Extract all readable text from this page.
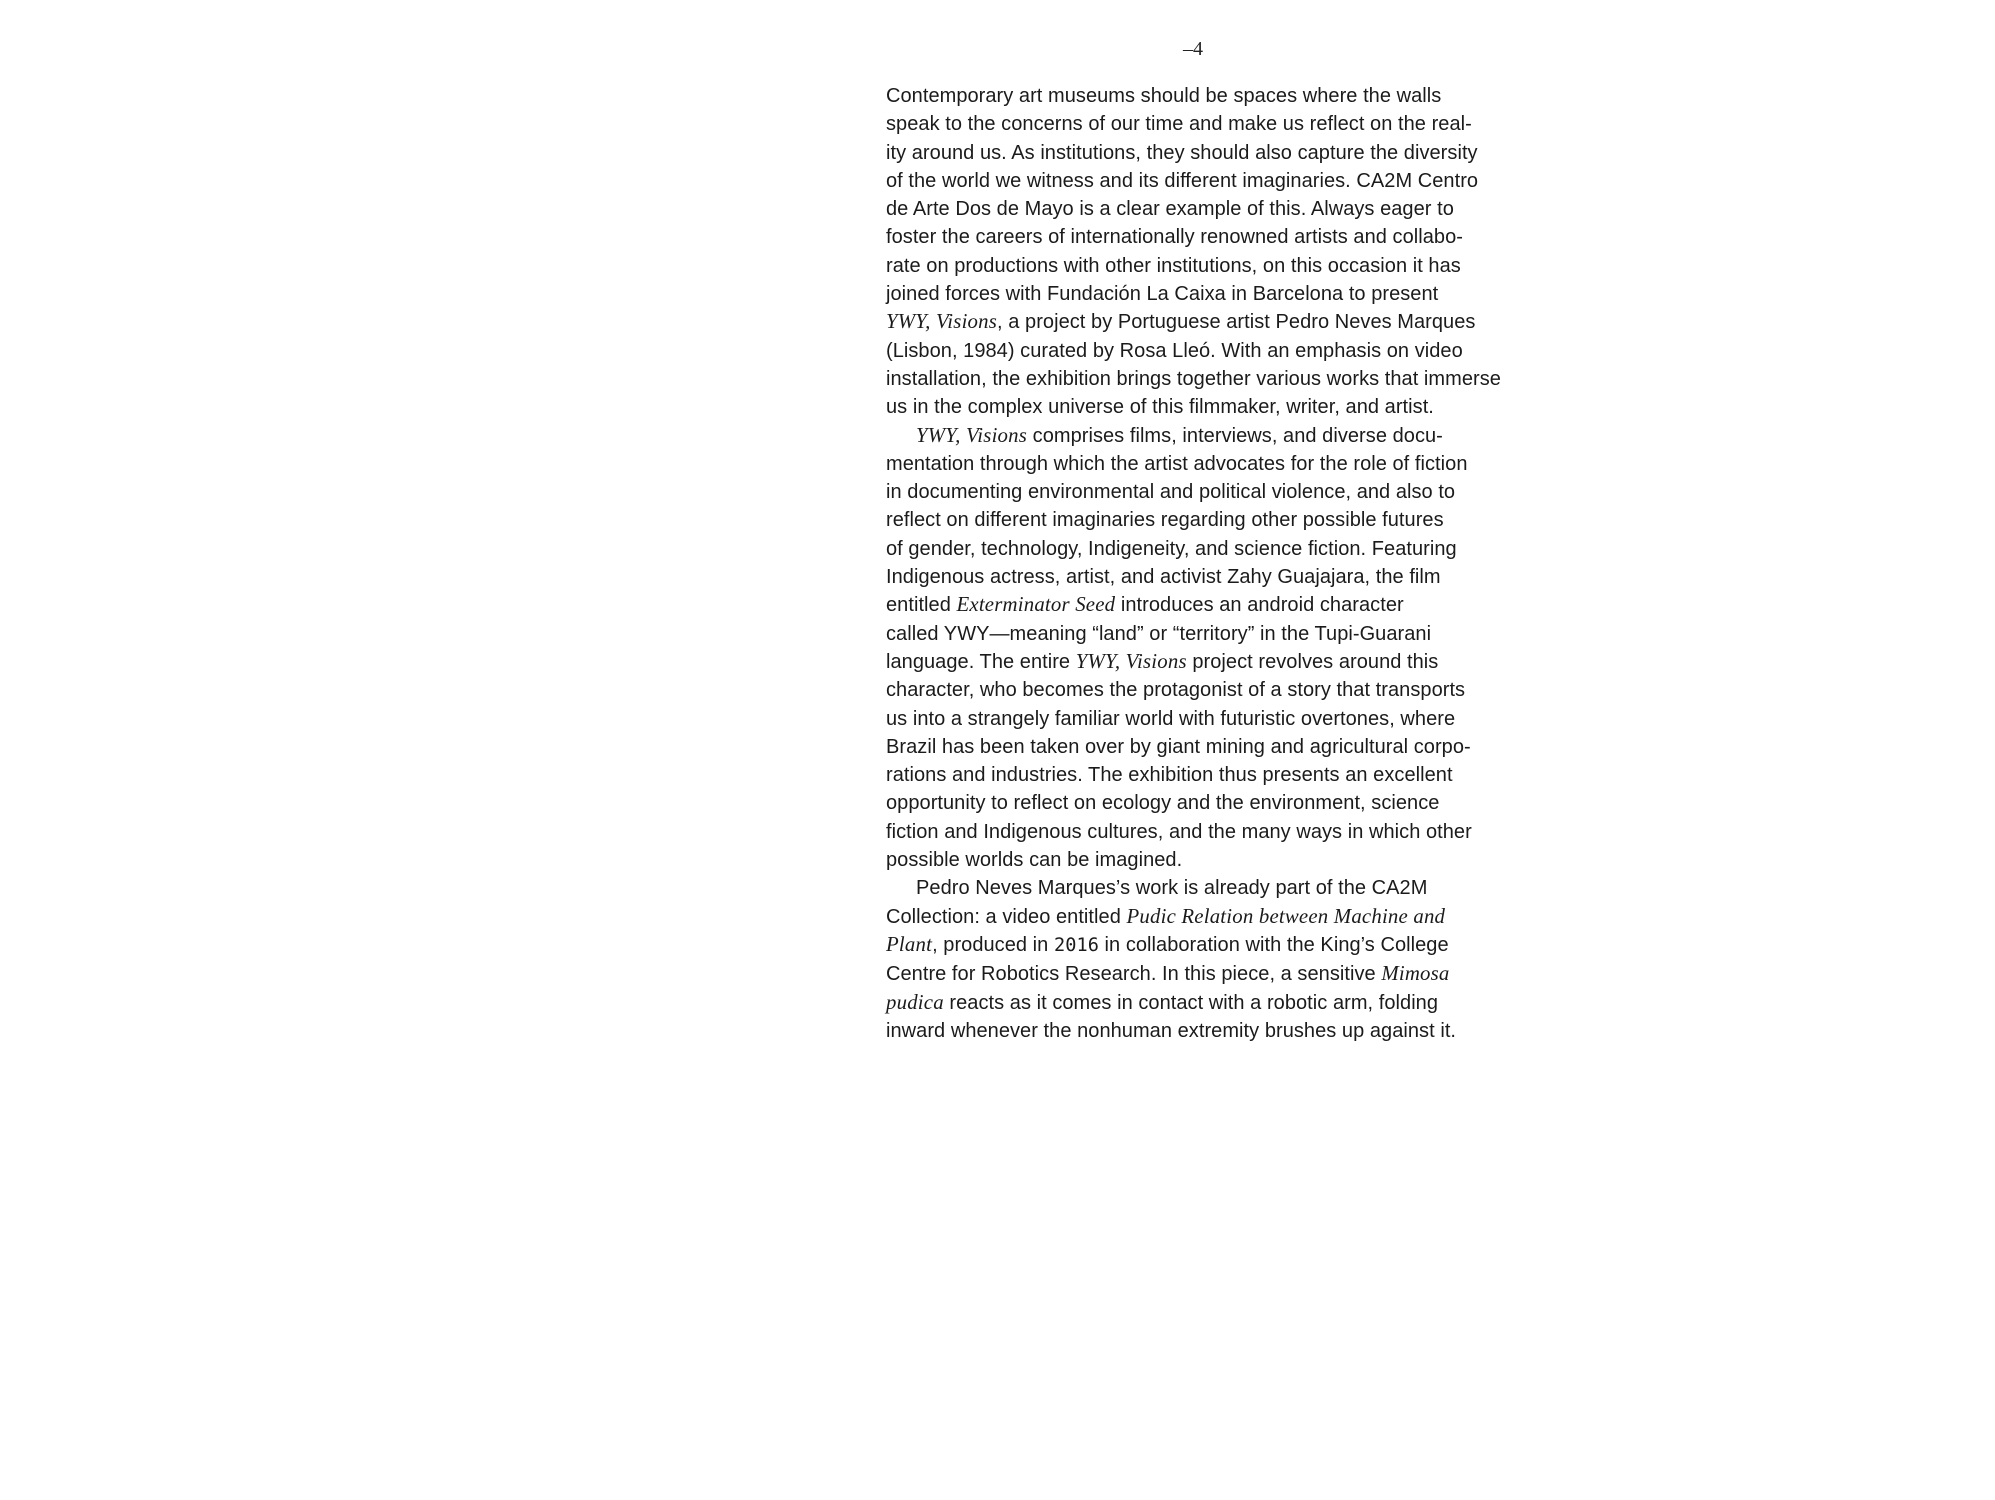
–4
Contemporary art museums should be spaces where the walls
speak to the concerns of our time and make us reflect on the real-
ity around us. As institutions, they should also capture the diversity
of the world we witness and its different imaginaries. CA2M Centro
de Arte Dos de Mayo is a clear example of this. Always eager to
foster the careers of internationally renowned artists and collabo-
rate on productions with other institutions, on this occasion it has
joined forces with Fundación La Caixa in Barcelona to present
YWY, Visions, a project by Portuguese artist Pedro Neves Marques
(Lisbon, 1984) curated by Rosa Lleó. With an emphasis on video
installation, the exhibition brings together various works that immerse
us in the complex universe of this filmmaker, writer, and artist.
YWY, Visions comprises films, interviews, and diverse docu-
mentation through which the artist advocates for the role of fiction
in documenting environmental and political violence, and also to
reflect on different imaginaries regarding other possible futures
of gender, technology, Indigeneity, and science fiction. Featuring
Indigenous actress, artist, and activist Zahy Guajajara, the film
entitled Exterminator Seed introduces an android character
called YWY—meaning “land” or “territory” in the Tupi-Guarani
language. The entire YWY, Visions project revolves around this
character, who becomes the protagonist of a story that transports
us into a strangely familiar world with futuristic overtones, where
Brazil has been taken over by giant mining and agricultural corpo-
rations and industries. The exhibition thus presents an excellent
opportunity to reflect on ecology and the environment, science
fiction and Indigenous cultures, and the many ways in which other
possible worlds can be imagined.
Pedro Neves Marques’s work is already part of the CA2M
Collection: a video entitled Pudic Relation between Machine and
Plant, produced in 2016 in collaboration with the King’s College
Centre for Robotics Research. In this piece, a sensitive Mimosa
pudica reacts as it comes in contact with a robotic arm, folding
inward whenever the nonhuman extremity brushes up against it.
